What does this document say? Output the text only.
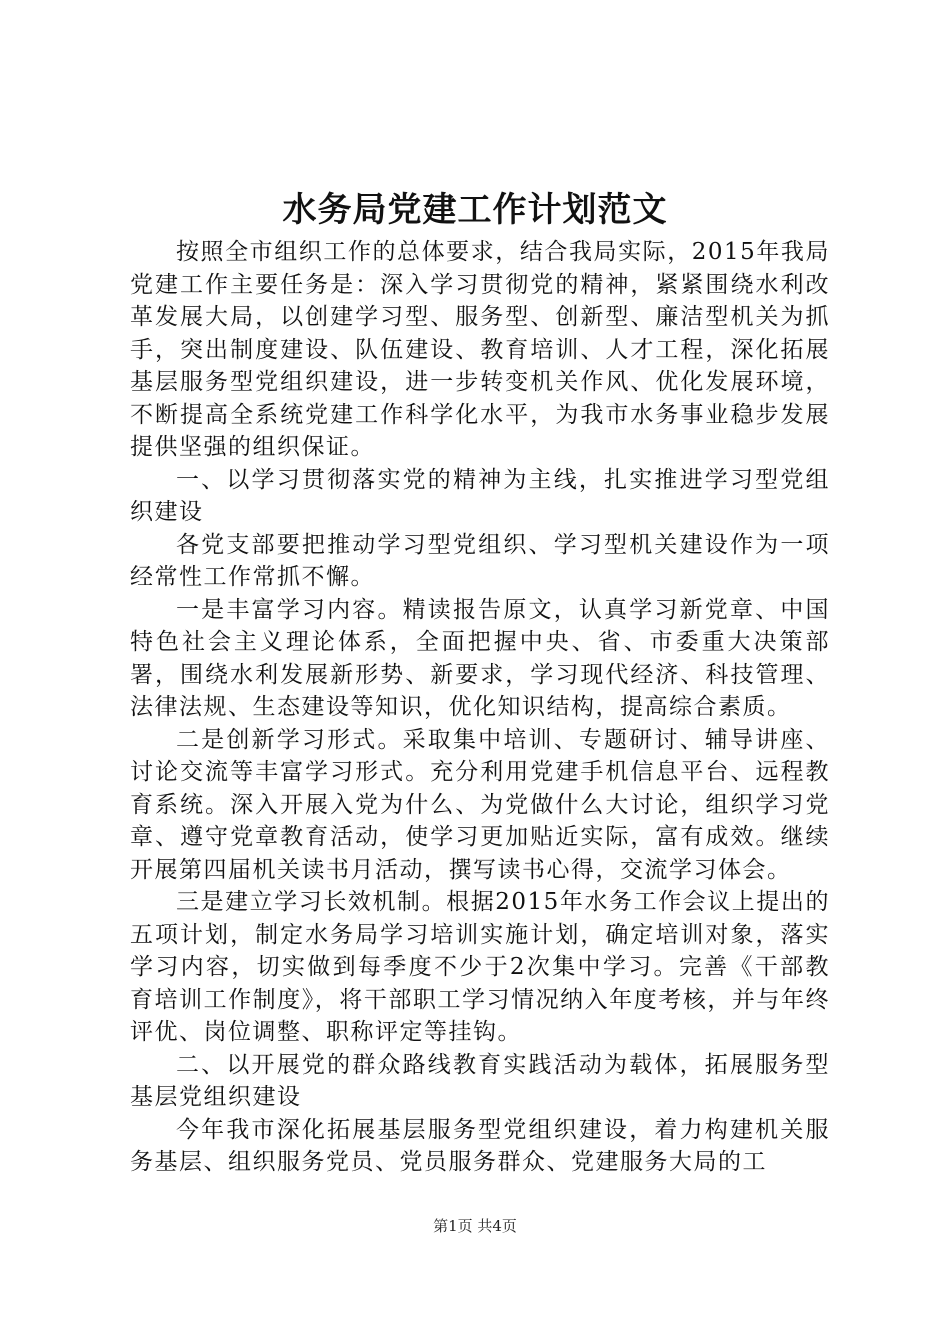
水务局党建工作计划范文

按照全市组织工作的总体要求，结合我局实际，2015年我局党建工作主要任务是：深入学习贯彻党的精神，紧紧围绕水利改革发展大局，以创建学习型、服务型、创新型、廉洁型机关为抓手，突出制度建设、队伍建设、教育培训、人才工程，深化拓展基层服务型党组织建设，进一步转变机关作风、优化发展环境，不断提高全系统党建工作科学化水平，为我市水务事业稳步发展提供坚强的组织保证。

一、以学习贯彻落实党的精神为主线，扎实推进学习型党组织建设

各党支部要把推动学习型党组织、学习型机关建设作为一项经常性工作常抓不懈。

一是丰富学习内容。精读报告原文，认真学习新党章、中国特色社会主义理论体系，全面把握中央、省、市委重大决策部署，围绕水利发展新形势、新要求，学习现代经济、科技管理、法律法规、生态建设等知识，优化知识结构，提高综合素质。

二是创新学习形式。采取集中培训、专题研讨、辅导讲座、讨论交流等丰富学习形式。充分利用党建手机信息平台、远程教育系统。深入开展入党为什么、为党做什么大讨论，组织学习党章、遵守党章教育活动，使学习更加贴近实际，富有成效。继续开展第四届机关读书月活动，撰写读书心得，交流学习体会。

三是建立学习长效机制。根据2015年水务工作会议上提出的五项计划，制定水务局学习培训实施计划，确定培训对象，落实学习内容，切实做到每季度不少于2次集中学习。完善《干部教育培训工作制度》，将干部职工学习情况纳入年度考核，并与年终评优、岗位调整、职称评定等挂钩。

二、以开展党的群众路线教育实践活动为载体，拓展服务型基层党组织建设

今年我市深化拓展基层服务型党组织建设，着力构建机关服务基层、组织服务党员、党员服务群众、党建服务大局的工

第1页 共4页
